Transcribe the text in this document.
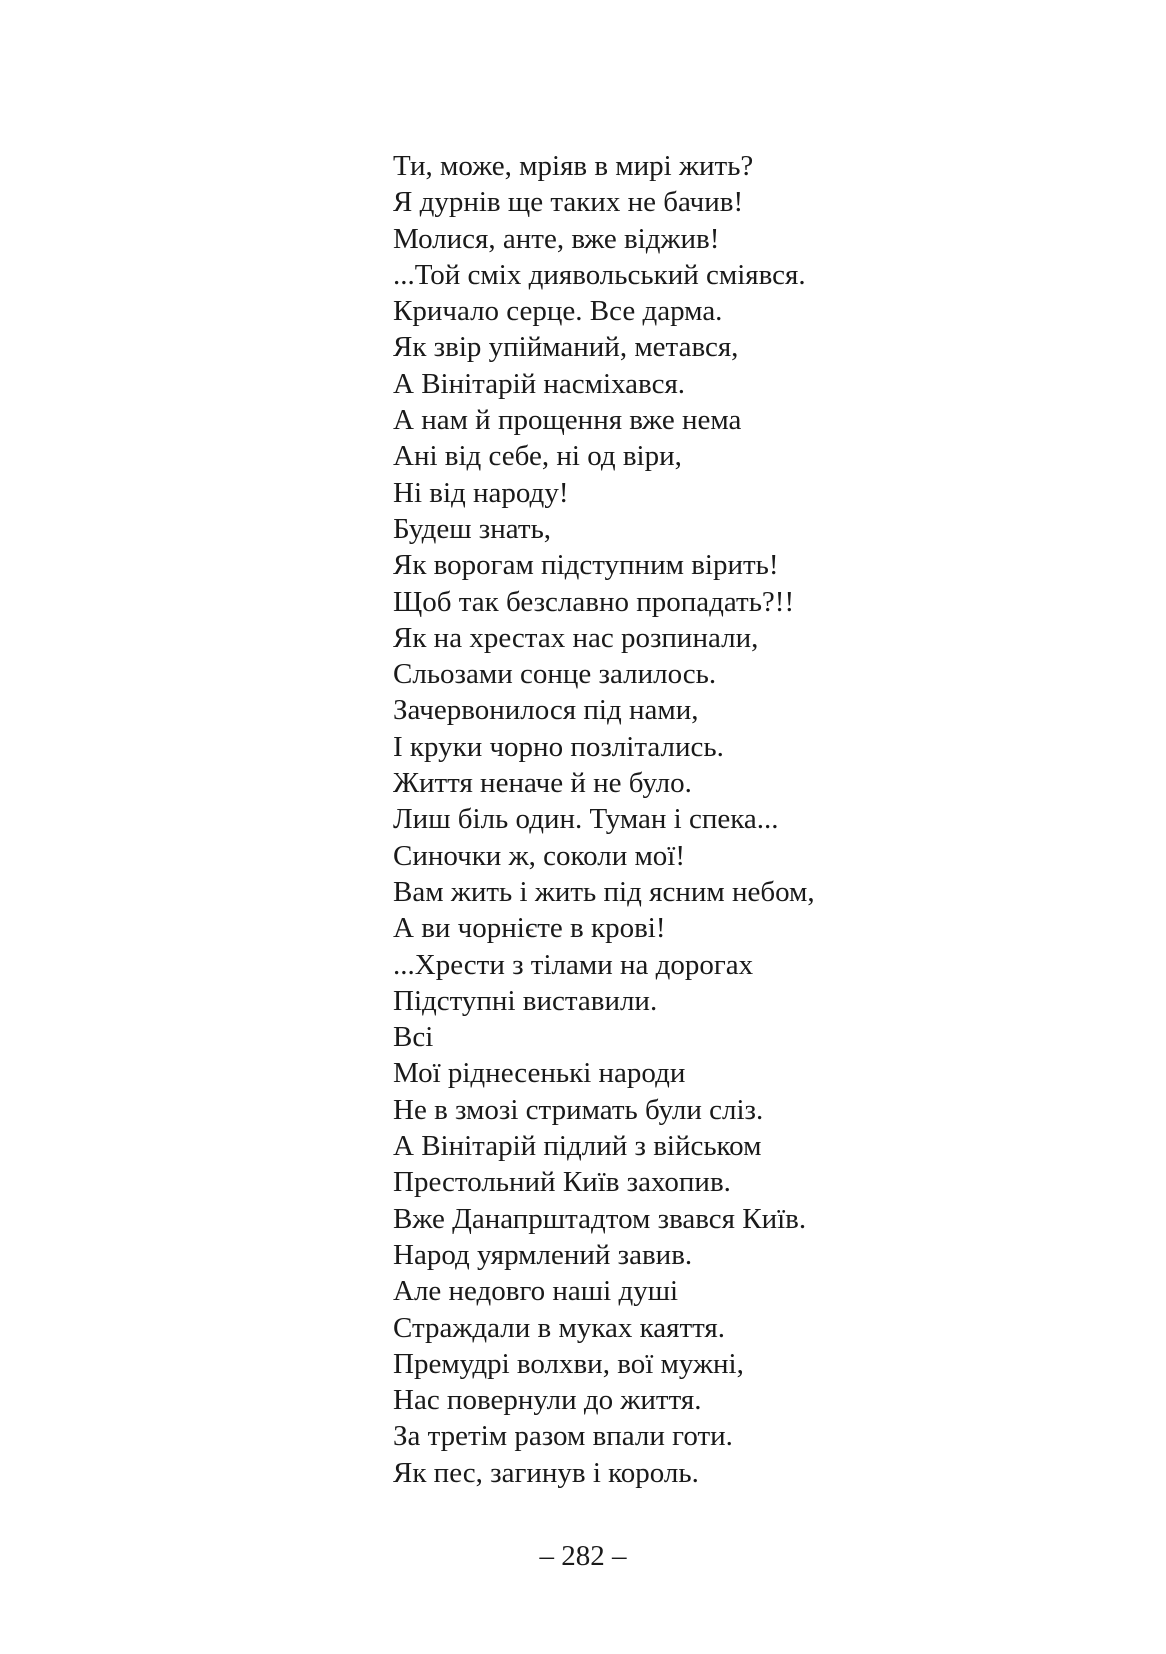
Ти, може, мріяв в мирі жить?
Я дурнів ще таких не бачив!
Молися, анте, вже віджив!
...Той сміх диявольський сміявся.
Кричало серце. Все дарма.
Як звір упійманий, метався,
А Вінітарій насміхався.
А нам й прощення вже нема
Ані від себе, ні од віри,
Ні від народу!
Будеш знать,
Як ворогам підступним вірить!
Щоб так безславно пропадать?!!
Як на хрестах нас розпинали,
Сльозами сонце залилось.
Зачервонилося під нами,
І круки чорно позлітались.
Життя неначе й не було.
Лиш біль один. Туман і спека...
Синочки ж, соколи мої!
Вам жить і жить під ясним небом,
А ви чорнієте в крові!
...Хрести з тілами на дорогах
Підступні виставили.
Всі
Мої ріднесенькі народи
Не в змозі стримать були сліз.
А Вінітарій підлий з військом
Престольний Київ захопив.
Вже Данапрштадтом звався Київ.
Народ уярмлений завив.
Але недовго наші душі
Страждали в муках каяття.
Премудрі волхви, вої мужні,
Нас повернули до життя.
За третім разом впали готи.
Як пес, загинув і король.
– 282 –
